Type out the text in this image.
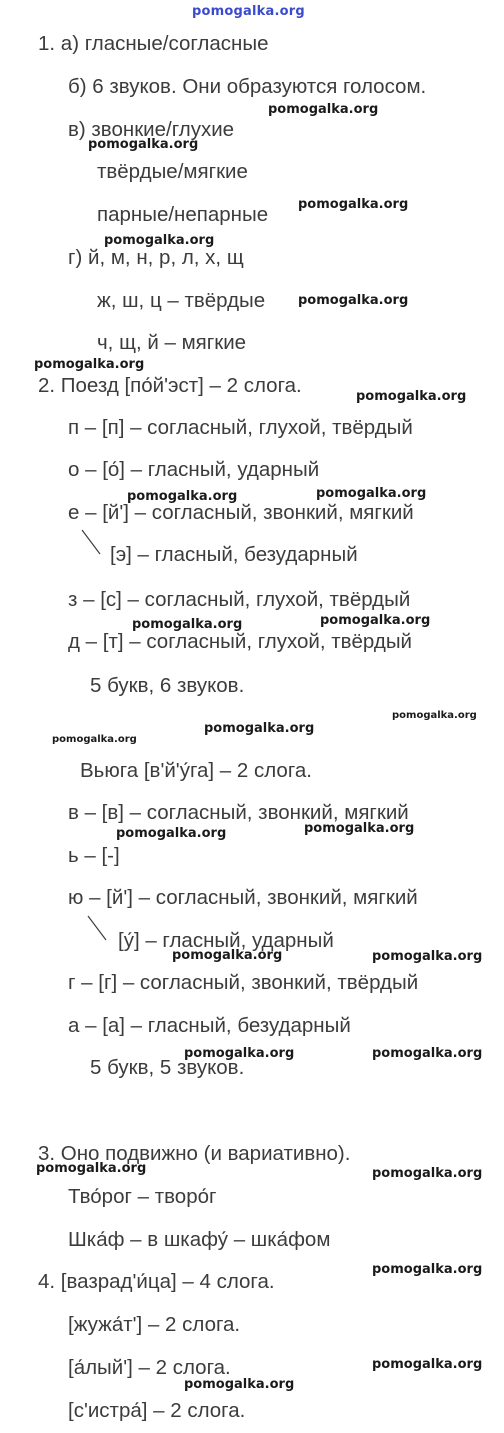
pomogalka.org
1. а) гласные/согласные
б) 6 звуков. Они образуются голосом.
в) звонкие/глухие
твёрдые/мягкие
парные/непарные
г) й, м, н, р, л, х, щ
ж, ш, ц – твёрдые
ч, щ, й – мягкие
2. Поезд [по́й'эст] – 2 слога.
п – [п] – согласный, глухой, твёрдый
о – [о́] – гласный, ударный
е – [й'] – согласный, звонкий, мягкий
[э] – гласный, безударный
з – [с] – согласный, глухой, твёрдый
д – [т] – согласный, глухой, твёрдый
5 букв, 6 звуков.
Вьюга [в'й'у́га] – 2 слога.
в – [в] – согласный, звонкий, мягкий
ь – [-]
ю – [й'] – согласный, звонкий, мягкий
[у́] – гласный, ударный
г – [г] – согласный, звонкий, твёрдый
а – [а] – гласный, безударный
5 букв, 5 звуков.
3. Оно подвижно (и вариативно).
Тво́рог – творо́г
Шка́ф – в шкафу́ – шка́фом
4. [вазрад'и́ца] – 4 слога.
[жужа́т'] – 2 слога.
[а́лый'] – 2 слога.
[с'истра́] – 2 слога.
pomogalka.org
pomogalka.org
pomogalka.org
pomogalka.org
pomogalka.org
pomogalka.org
pomogalka.org
pomogalka.org	pomogalka.org
pomogalka.org	pomogalka.org
pomogalka.org
pomogalka.org
pomogalka.org
pomogalka.org	pomogalka.org
pomogalka.org	pomogalka.org
pomogalka.org	pomogalka.org
pomogalka.org	pomogalka.org
pomogalka.org
pomogalka.org
pomogalka.org
